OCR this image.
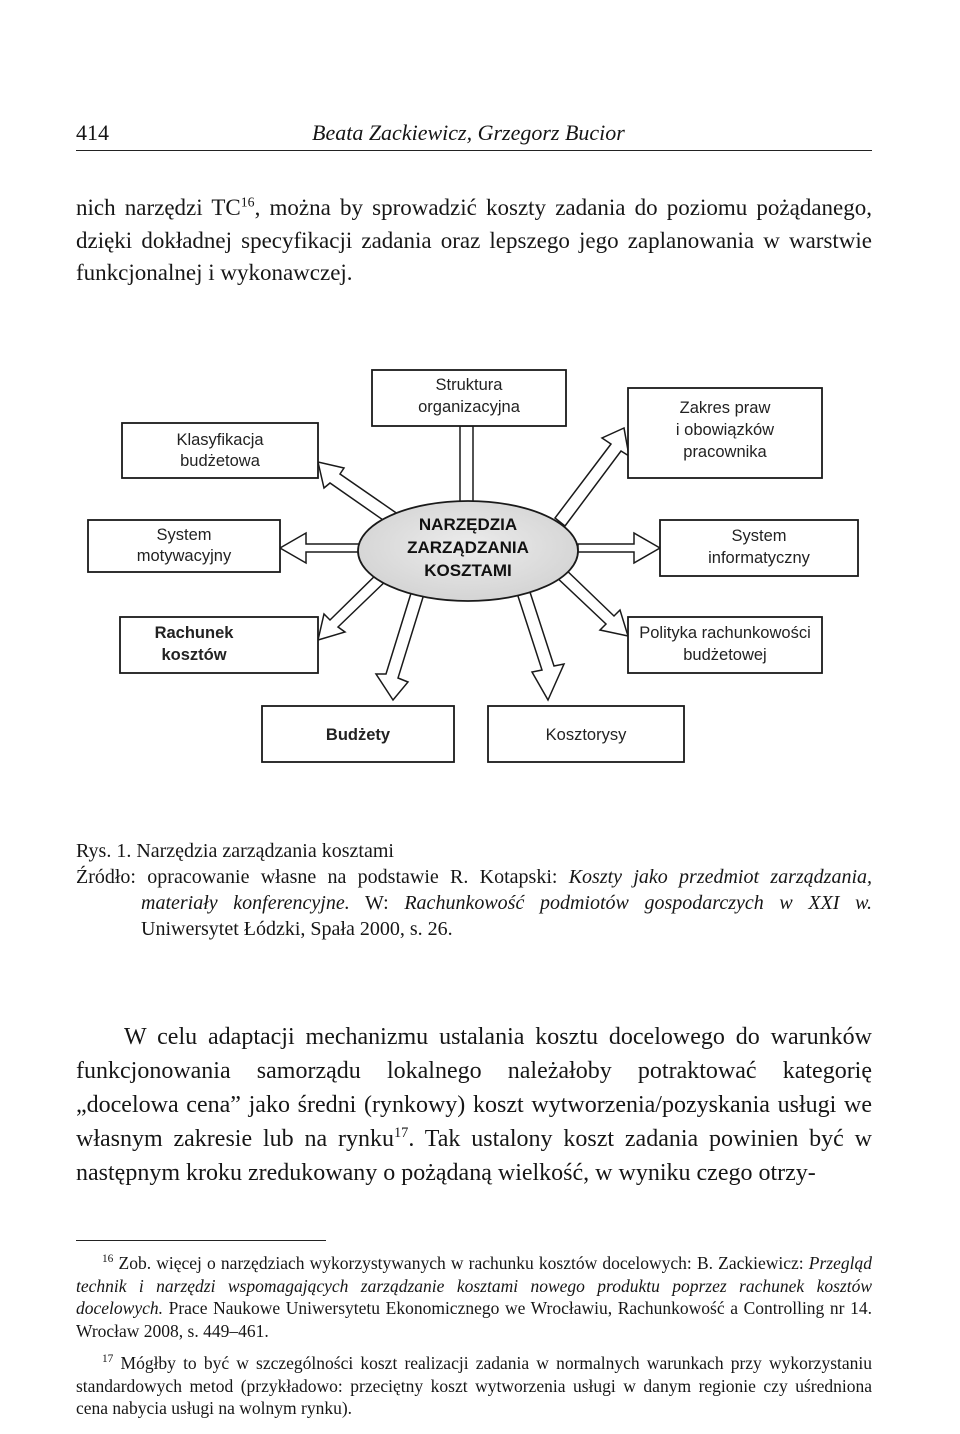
414	Beata Zackiewicz, Grzegorz Bucior

nich narzędzi TC$^{16}$, można by sprowadzić koszty zadania do poziomu pożądanego, dzięki dokładnej specyfikacji zadania oraz lepszego jego zaplanowania w warstwie funkcjonalnej i wykonawczej.

NARZĘDZIA
ZARZĄDZANIA
KOSZTAMI
Struktura
organizacyjna
Klasyfikacja
budżetowa
Zakres praw
i obowiązków
pracownika
System
motywacyjny
System
informatyczny
Rachunek
kosztów
Polityka rachunkowości
budżetowej
Budżety	Kosztorysy
Rys. 1. Narzędzia zarządzania kosztami
Źródło: opracowanie własne na podstawie R. Kotapski: Koszty jako przedmiot zarządzania, materiały konferencyjne. W: Rachunkowość podmiotów gospodarczych w XXI w. Uniwersytet Łódzki, Spała 2000, s. 26.

W celu adaptacji mechanizmu ustalania kosztu docelowego do warunków funkcjonowania samorządu lokalnego należałoby potraktować kategorię „docelowa cena” jako średni (rynkowy) koszt wytworzenia/pozyskania usługi we własnym zakresie lub na rynku$^{17}$. Tak ustalony koszt zadania powinien być w następnym kroku zredukowany o pożądaną wielkość, w wyniku czego otrzy-

$^{16}$ Zob. więcej o narzędziach wykorzystywanych w rachunku kosztów docelowych: B. Zackiewicz: Przegląd technik i narzędzi wspomagających zarządzanie kosztami nowego produktu poprzez rachunek kosztów docelowych. Prace Naukowe Uniwersytetu Ekonomicznego we Wrocławiu, Rachunkowość a Controlling nr 14. Wrocław 2008, s. 449–461.

$^{17}$ Mógłby to być w szczególności koszt realizacji zadania w normalnych warunkach przy wykorzystaniu standardowych metod (przykładowo: przeciętny koszt wytworzenia usługi w danym regionie czy uśredniona cena nabycia usługi na wolnym rynku).
